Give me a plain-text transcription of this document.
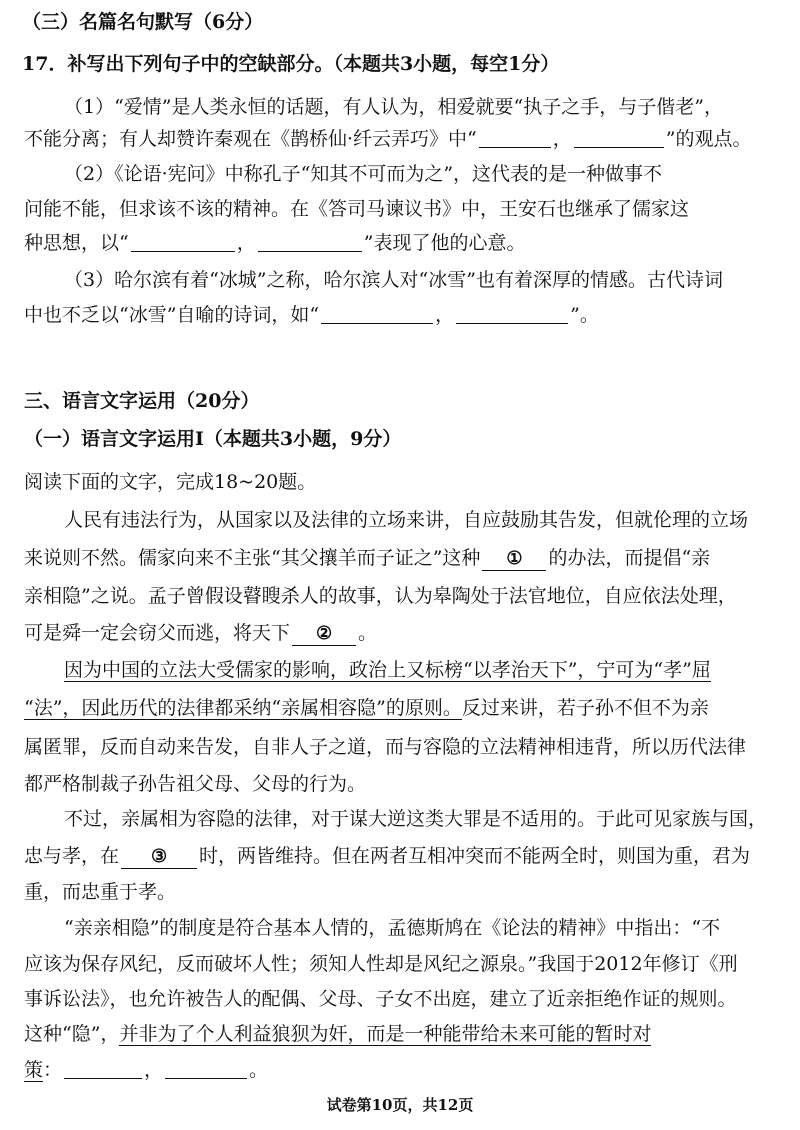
（三）名篇名句默写（6分）
17．补写出下列句子中的空缺部分。（本题共3小题，每空1分）
（1）“爱情”是人类永恒的话题，有人认为，相爱就要“执子之手，与子偕老”，
不能分离；有人却赞许秦观在《鹊桥仙·纤云弄巧》中“	，	”的观点。
（2）《论语·宪问》中称孔子“知其不可而为之”，这代表的是一种做事不
问能不能，但求该不该的精神。在《答司马谏议书》中，王安石也继承了儒家这
种思想，以“	，	”表现了他的心意。
（3）哈尔滨有着“冰城”之称，哈尔滨人对“冰雪”也有着深厚的情感。古代诗词
中也不乏以“冰雪”自喻的诗词，如“	，	”。
三、语言文字运用（20分）
（一）语言文字运用Ⅰ（本题共3小题，9分）
阅读下面的文字，完成18~20题。
人民有违法行为，从国家以及法律的立场来讲，自应鼓励其告发，但就伦理的立场
来说则不然。儒家向来不主张“其父攘羊而子证之”这种 ① 的办法，而提倡“亲
亲相隐”之说。孟子曾假设瞽瞍杀人的故事，认为皋陶处于法官地位，自应依法处理，
可是舜一定会窃父而逃，将天下 ② 。
因为中国的立法大受儒家的影响，政治上又标榜“以孝治天下”，宁可为“孝”屈
“法”，因此历代的法律都采纳“亲属相容隐”的原则。反过来讲，若子孙不但不为亲
属匿罪，反而自动来告发，自非人子之道，而与容隐的立法精神相违背，所以历代法律
都严格制裁子孙告祖父母、父母的行为。
不过，亲属相为容隐的法律，对于谋大逆这类大罪是不适用的。于此可见家族与国，
忠与孝，在 ③ 时，两皆维持。但在两者互相冲突而不能两全时，则国为重，君为
重，而忠重于孝。
“亲亲相隐”的制度是符合基本人情的，孟德斯鸠在《论法的精神》中指出：“不
应该为保存风纪，反而破坏人性；须知人性却是风纪之源泉。”我国于2012年修订《刑
事诉讼法》，也允许被告人的配偶、父母、子女不出庭，建立了近亲拒绝作证的规则。
这种“隐”，并非为了个人利益狼狈为奸，而是一种能带给未来可能的暂时对
策：	，	。
试卷第10页，共12页
